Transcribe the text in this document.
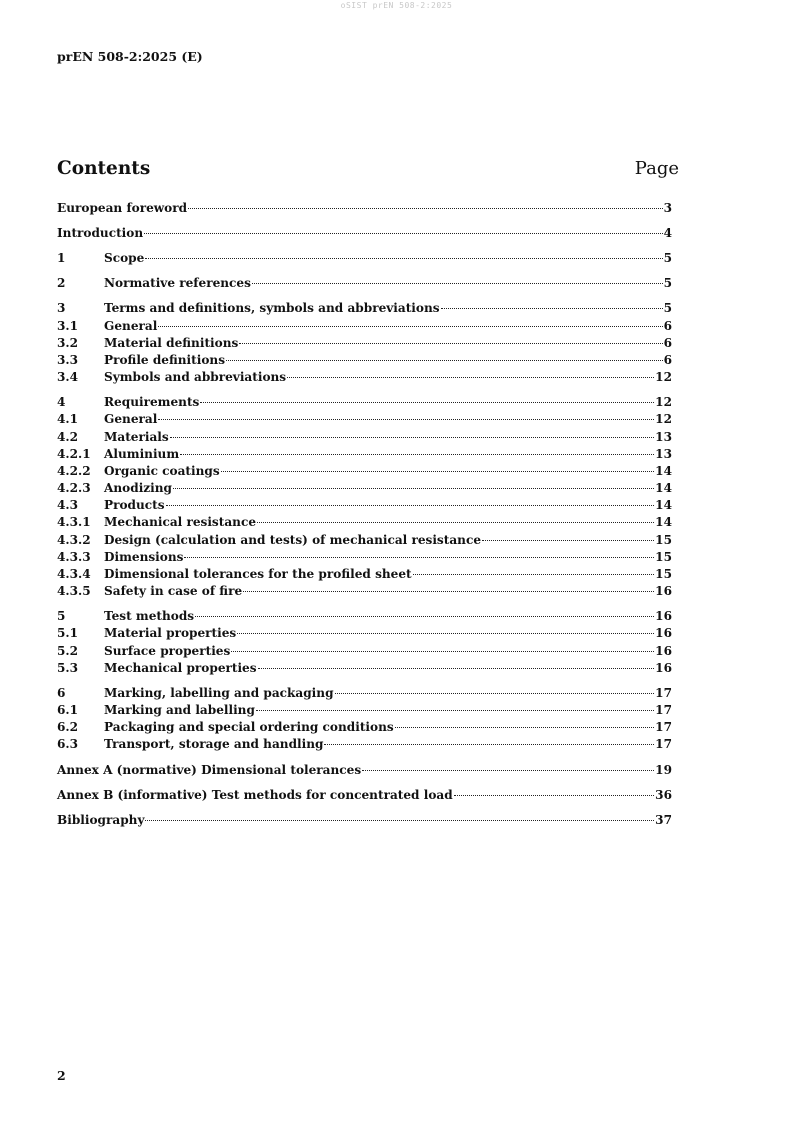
oSIST prEN 508-2:2025
prEN 508-2:2025 (E)
Contents	Page
European foreword	3
Introduction	4
1	Scope	5
2	Normative references	5
3	Terms and definitions, symbols and abbreviations	5
3.1	General	6
3.2	Material definitions	6
3.3	Profile definitions	6
3.4	Symbols and abbreviations	12
4	Requirements	12
4.1	General	12
4.2	Materials	13
4.2.1	Aluminium	13
4.2.2	Organic coatings	14
4.2.3	Anodizing	14
4.3	Products	14
4.3.1	Mechanical resistance	14
4.3.2	Design (calculation and tests) of mechanical resistance	15
4.3.3	Dimensions	15
4.3.4	Dimensional tolerances for the profiled sheet	15
4.3.5	Safety in case of fire	16
5	Test methods	16
5.1	Material properties	16
5.2	Surface properties	16
5.3	Mechanical properties	16
6	Marking, labelling and packaging	17
6.1	Marking and labelling	17
6.2	Packaging and special ordering conditions	17
6.3	Transport, storage and handling	17
Annex A (normative) Dimensional tolerances	19
Annex B (informative) Test methods for concentrated load	36
Bibliography	37
2
